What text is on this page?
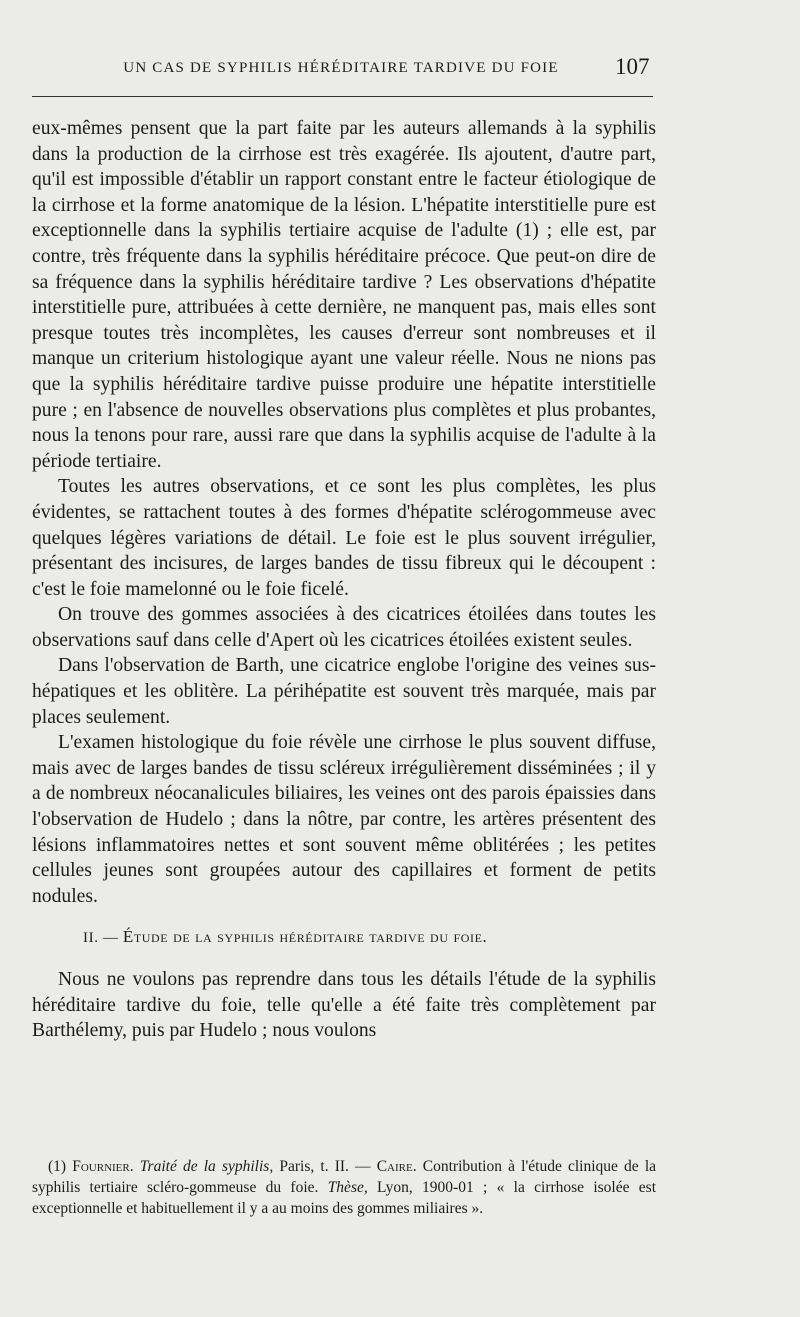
UN CAS DE SYPHILIS HÉRÉDITAIRE TARDIVE DU FOIE	107

eux-mêmes pensent que la part faite par les auteurs allemands à la syphilis dans la production de la cirrhose est très exagérée. Ils ajoutent, d'autre part, qu'il est impossible d'établir un rapport constant entre le facteur étiologique de la cirrhose et la forme anatomique de la lésion. L'hépatite interstitielle pure est exceptionnelle dans la syphilis tertiaire acquise de l'adulte (1) ; elle est, par contre, très fréquente dans la syphilis héréditaire précoce. Que peut-on dire de sa fréquence dans la syphilis héréditaire tardive ? Les observations d'hépatite interstitielle pure, attribuées à cette dernière, ne manquent pas, mais elles sont presque toutes très incomplètes, les causes d'erreur sont nombreuses et il manque un criterium histologique ayant une valeur réelle. Nous ne nions pas que la syphilis héréditaire tardive puisse produire une hépatite interstitielle pure ; en l'absence de nouvelles observations plus complètes et plus probantes, nous la tenons pour rare, aussi rare que dans la syphilis acquise de l'adulte à la période tertiaire.

Toutes les autres observations, et ce sont les plus complètes, les plus évidentes, se rattachent toutes à des formes d'hépatite sclérogommeuse avec quelques légères variations de détail. Le foie est le plus souvent irrégulier, présentant des incisures, de larges bandes de tissu fibreux qui le découpent : c'est le foie mamelonné ou le foie ficelé.

On trouve des gommes associées à des cicatrices étoilées dans toutes les observations sauf dans celle d'Apert où les cicatrices étoilées existent seules.

Dans l'observation de Barth, une cicatrice englobe l'origine des veines sus-hépatiques et les oblitère. La périhépatite est souvent très marquée, mais par places seulement.

L'examen histologique du foie révèle une cirrhose le plus souvent diffuse, mais avec de larges bandes de tissu scléreux irrégulièrement disséminées ; il y a de nombreux néocanalicules biliaires, les veines ont des parois épaissies dans l'observation de Hudelo ; dans la nôtre, par contre, les artères présentent des lésions inflammatoires nettes et sont souvent même oblitérées ; les petites cellules jeunes sont groupées autour des capillaires et forment de petits nodules.

II. — Étude de la syphilis héréditaire tardive du foie.

Nous ne voulons pas reprendre dans tous les détails l'étude de la syphilis héréditaire tardive du foie, telle qu'elle a été faite très complètement par Barthélemy, puis par Hudelo ; nous voulons

(1) Fournier. Traité de la syphilis, Paris, t. II. — Caire. Contribution à l'étude clinique de la syphilis tertiaire scléro-gommeuse du foie. Thèse, Lyon, 1900-01 ; « la cirrhose isolée est exceptionnelle et habituellement il y a au moins des gommes miliaires ».
